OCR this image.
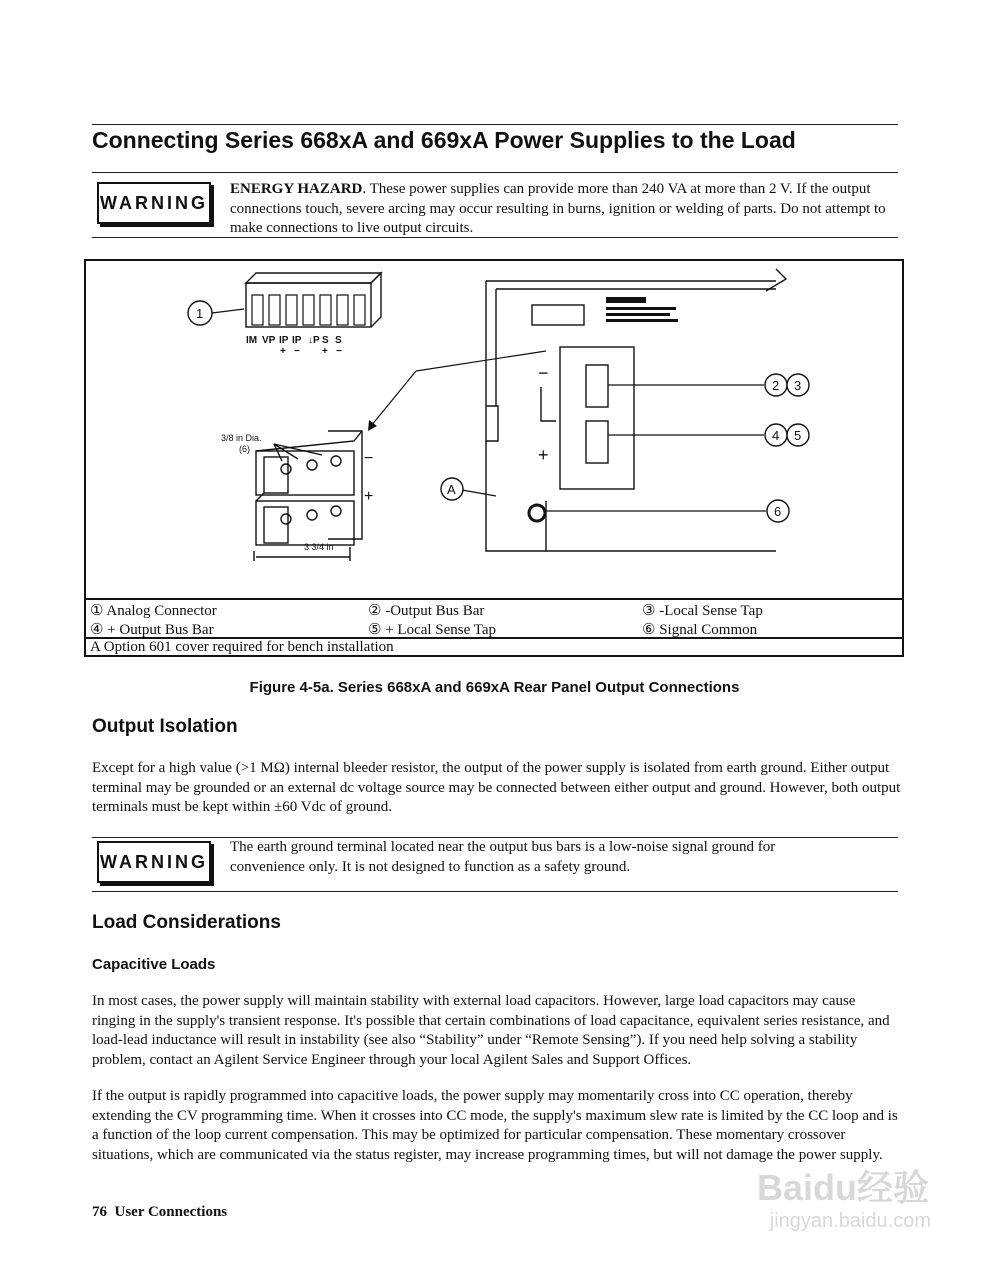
Connecting Series 668xA and 669xA Power Supplies to the Load
WARNING
ENERGY HAZARD. These power supplies can provide more than 240 VA at more than 2 V. If the output connections touch, severe arcing may occur resulting in burns, ignition or welding of parts. Do not attempt to make connections to live output circuits.
IM VP IP IP ↓P S S
+ − + −
1
3/8 in Dia.
(6)
3 3/4 in
−
+
−
+
2 3
4 5
6
A
① Analog Connector	② -Output Bus Bar	③ -Local Sense Tap
④ + Output Bus Bar	⑤ + Local Sense Tap	⑥ Signal Common
A Option 601 cover required for bench installation
Figure 4-5a. Series 668xA and 669xA Rear Panel Output Connections
Output Isolation
Except for a high value (>1 MΩ) internal bleeder resistor, the output of the power supply is isolated from earth ground. Either output terminal may be grounded or an external dc voltage source may be connected between either output and ground. However, both output terminals must be kept within ±60 Vdc of ground.
WARNING
The earth ground terminal located near the output bus bars is a low-noise signal ground for convenience only. It is not designed to function as a safety ground.
Load Considerations
Capacitive Loads
In most cases, the power supply will maintain stability with external load capacitors. However, large load capacitors may cause ringing in the supply's transient response. It's possible that certain combinations of load capacitance, equivalent series resistance, and load-lead inductance will result in instability (see also “Stability” under “Remote Sensing”). If you need help solving a stability problem, contact an Agilent Service Engineer through your local Agilent Sales and Support Offices.
If the output is rapidly programmed into capacitive loads, the power supply may momentarily cross into CC operation, thereby extending the CV programming time. When it crosses into CC mode, the supply's maximum slew rate is limited by the CC loop and is a function of the loop current compensation. This may be optimized for particular compensation. These momentary crossover situations, which are communicated via the status register, may increase programming times, but will not damage the power supply.
76 User Connections
Baidu经验
jingyan.baidu.com
